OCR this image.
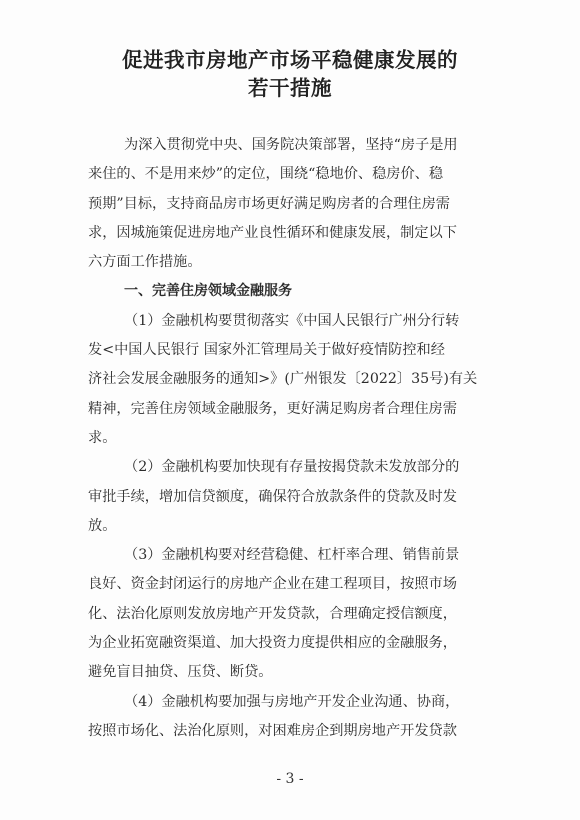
促进我市房地产市场平稳健康发展的
若干措施
为深入贯彻党中央、国务院决策部署，坚持“房子是用
来住的、不是用来炒”的定位，围绕“稳地价、稳房价、稳
预期”目标，支持商品房市场更好满足购房者的合理住房需
求，因城施策促进房地产业良性循环和健康发展，制定以下
六方面工作措施。
一、完善住房领域金融服务
（1）金融机构要贯彻落实《中国人民银行广州分行转
发<中国人民银行 国家外汇管理局关于做好疫情防控和经
济社会发展金融服务的通知>》(广州银发〔2022〕35号)有关
精神，完善住房领域金融服务，更好满足购房者合理住房需
求。
（2）金融机构要加快现有存量按揭贷款未发放部分的
审批手续，增加信贷额度，确保符合放款条件的贷款及时发
放。
（3）金融机构要对经营稳健、杠杆率合理、销售前景
良好、资金封闭运行的房地产企业在建工程项目，按照市场
化、法治化原则发放房地产开发贷款，合理确定授信额度，
为企业拓宽融资渠道、加大投资力度提供相应的金融服务，
避免盲目抽贷、压贷、断贷。
（4）金融机构要加强与房地产开发企业沟通、协商，
按照市场化、法治化原则，对困难房企到期房地产开发贷款
- 3 -
